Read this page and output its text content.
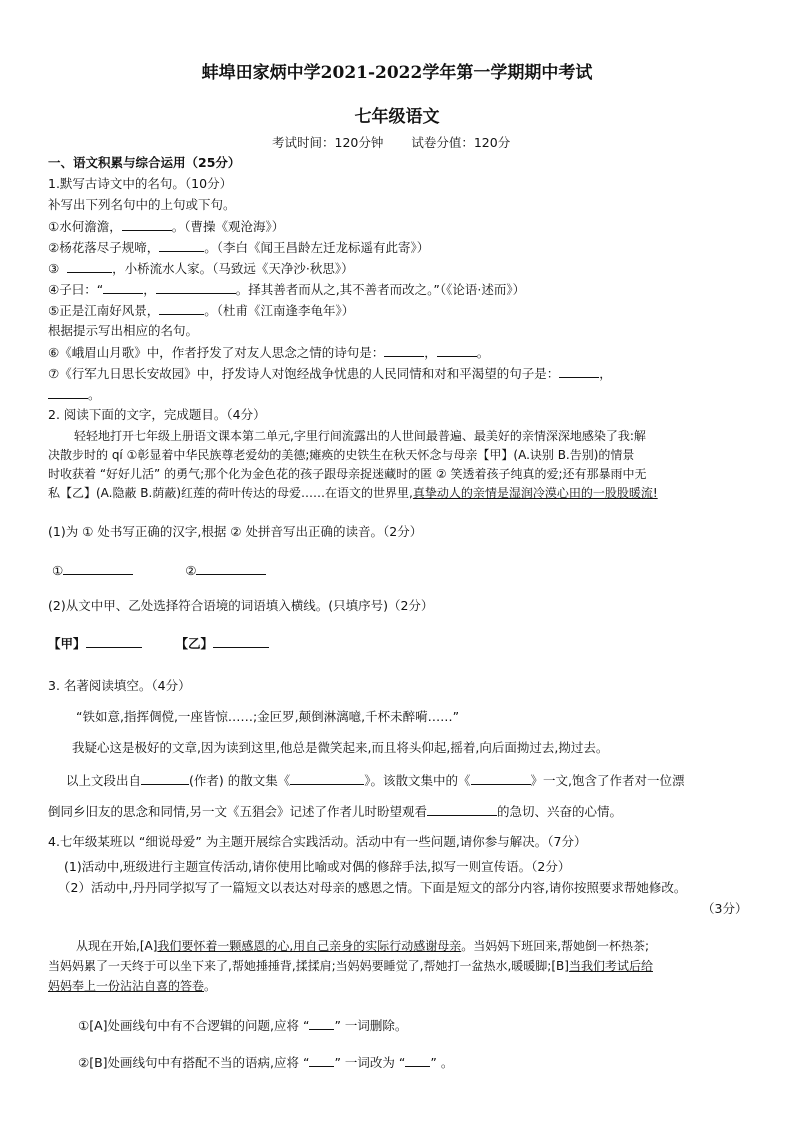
蚌埠田家炳中学2021-2022学年第一学期期中考试
七年级语文
考试时间：120分钟 试卷分值：120分
一、语文积累与综合运用（25分）
1.默写古诗文中的名句。（10分）
补写出下列名句中的上句或下句。
①水何澹澹，	。（曹操《观沧海》）
②杨花落尽子规啼，	。（李白《闻王昌龄左迁龙标遥有此寄》）
③	，小桥流水人家。（马致远《天净沙·秋思》）
④子曰：“	，	。择其善者而从之,其不善者而改之。”（《论语·述而》）
⑤正是江南好风景，	。（杜甫《江南逢李龟年》）
根据提示写出相应的名句。
⑥《峨眉山月歌》中，作者抒发了对友人思念之情的诗句是：	，	。
⑦《行军九日思长安故园》中，抒发诗人对饱经战争忧患的人民同情和对和平渴望的句子是：	，
。
2. 阅读下面的文字，完成题目。（4分）
轻轻地打开七年级上册语文课本第二单元,字里行间流露出的人世间最普遍、最美好的亲情深深地感染了我:解
决散步时的 qí ①彰显着中华民族尊老爱幼的美德;瘫痪的史铁生在秋天怀念与母亲【甲】(A.诀别 B.告别)的情景
时收获着 “好好儿活” 的勇气;那个化为金色花的孩子跟母亲捉迷藏时的匿 ② 笑透着孩子纯真的爱;还有那暴雨中无
私【乙】(A.隐蔽 B.荫蔽)红莲的荷叶传达的母爱……在语文的世界里,真挚动人的亲情是湿润冷漠心田的一股股暖流!
(1)为 ① 处书写正确的汉字,根据 ② 处拼音写出正确的读音。（2分）
①	②
(2)从文中甲、乙处选择符合语境的词语填入横线。(只填序号)（2分）
【甲】	【乙】
3. 名著阅读填空。（4分）
“铁如意,指挥倜傥,一座皆惊‥‥‥;金叵罗,颠倒淋漓噫,千杯未醉嗬‥‥‥”
我疑心这是极好的文章,因为读到这里,他总是微笑起来,而且将头仰起,摇着,向后面拗过去,拗过去。
以上文段出自	(作者) 的散文集《	》。该散文集中的《	》一文,饱含了作者对一位漂
倒同乡旧友的思念和同情,另一文《五猖会》记述了作者儿时盼望观看	的急切、兴奋的心情。
4.七年级某班以 “细说母爱” 为主题开展综合实践活动。活动中有一些问题,请你参与解决。（7分）
(1)活动中,班级进行主题宣传活动,请你使用比喻或对偶的修辞手法,拟写一则宣传语。（2分）
（2）活动中,丹丹同学拟写了一篇短文以表达对母亲的感恩之情。下面是短文的部分内容,请你按照要求帮她修改。
（3分）
从现在开始,[A]我们要怀着一颗感恩的心,用自己亲身的实际行动感谢母亲。当妈妈下班回来,帮她倒一杯热茶;
当妈妈累了一天终于可以坐下来了,帮她捶捶背,揉揉肩;当妈妈要睡觉了,帮她打一盆热水,暖暖脚;[B]当我们考试后给
妈妈奉上一份沾沾自喜的答卷。
①[A]处画线句中有不合逻辑的问题,应将 “ ” 一词删除。
②[B]处画线句中有搭配不当的语病,应将 “ ” 一词改为 “ ” 。
